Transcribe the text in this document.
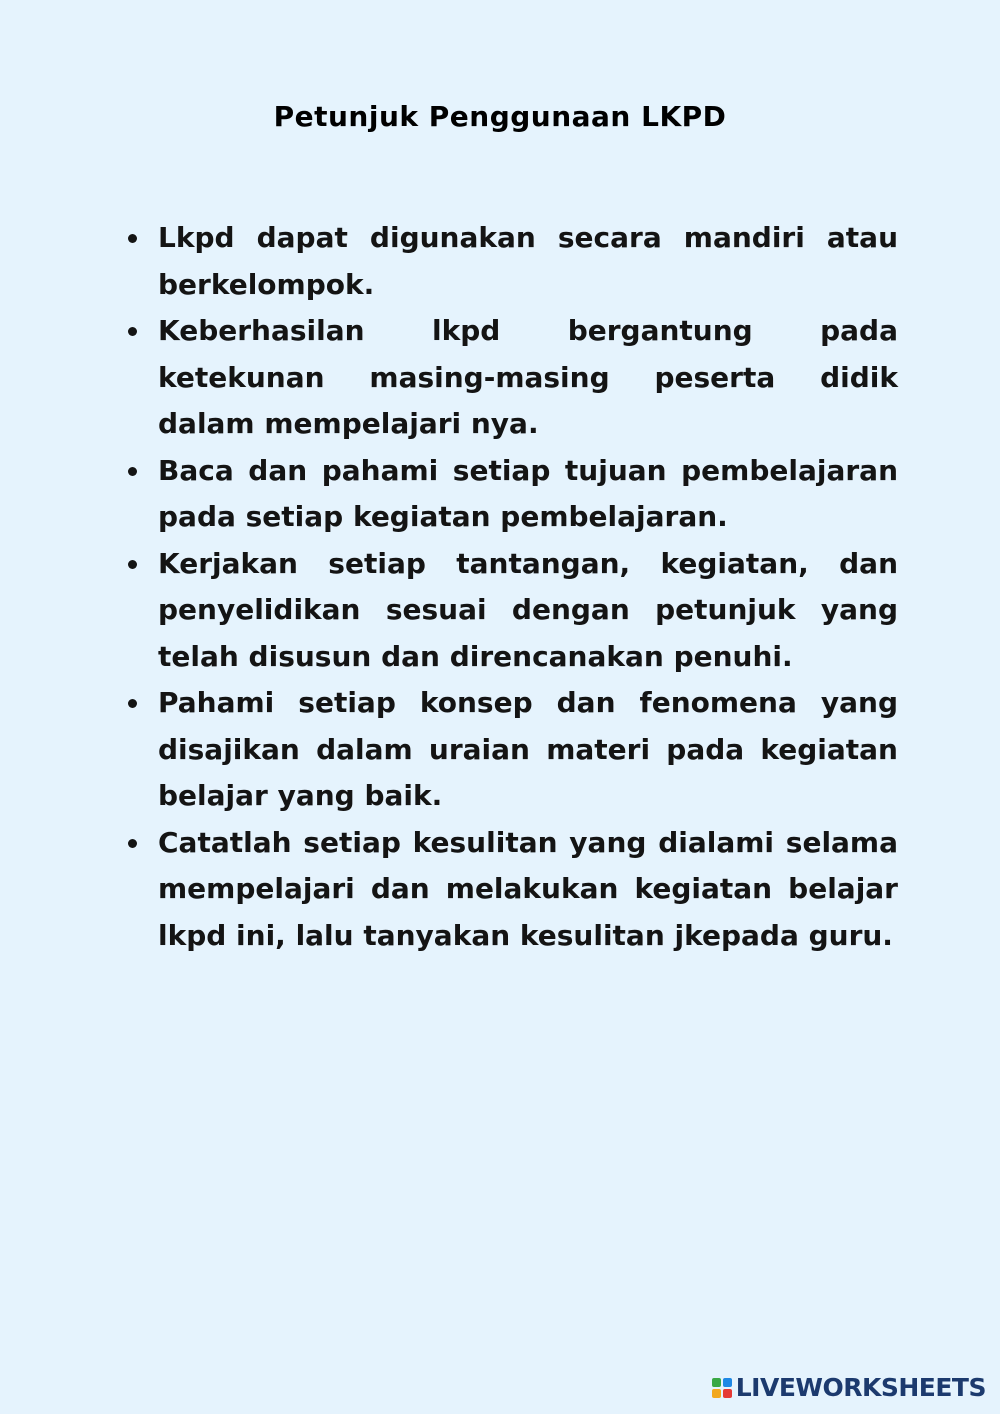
Petunjuk Penggunaan LKPD
Lkpd dapat digunakan secara mandiri atau berkelompok.
Keberhasilan lkpd bergantung pada ketekunan masing-masing peserta didik dalam mempelajari nya.
Baca dan pahami setiap tujuan pembelajaran pada setiap kegiatan pembelajaran.
Kerjakan setiap tantangan, kegiatan, dan penyelidikan sesuai dengan petunjuk yang telah disusun dan direncanakan penuhi.
Pahami setiap konsep dan fenomena yang disajikan dalam uraian materi pada kegiatan belajar yang baik.
Catatlah setiap kesulitan yang dialami selama mempelajari dan melakukan kegiatan belajar lkpd ini, lalu tanyakan kesulitan jkepada guru.
LIVEWORKSHEETS
